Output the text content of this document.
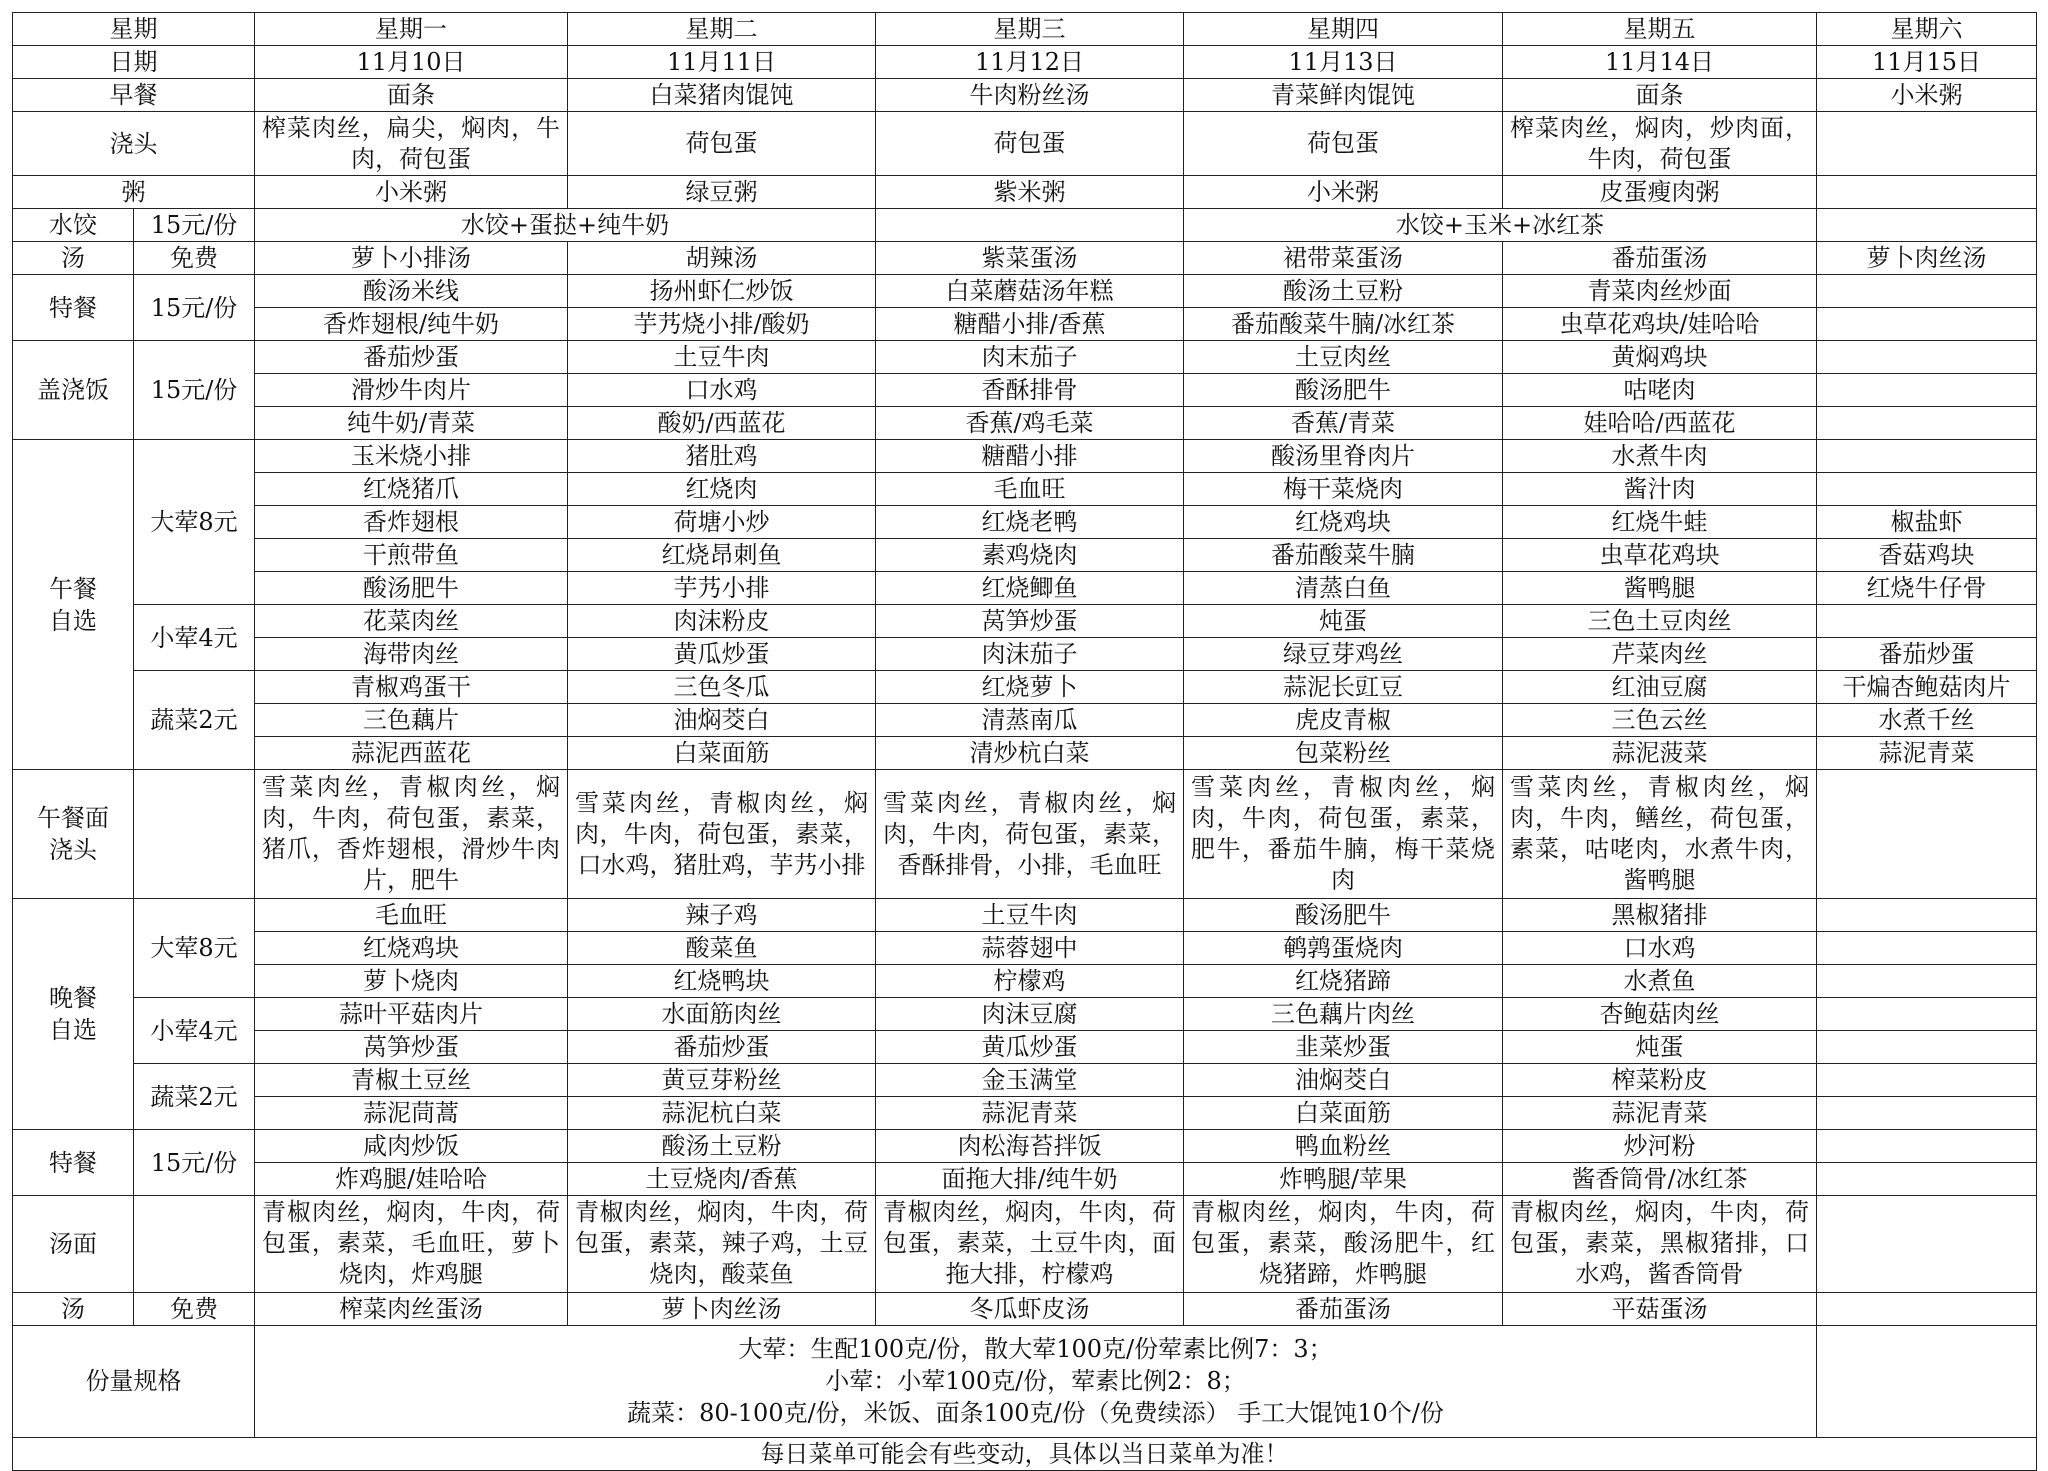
星期		星期一	星期二	星期三	星期四	星期五	星期六
日期		11月10日	11月11日	11月12日	11月13日	11月14日	11月15日
早餐		面条	白菜猪肉馄饨	牛肉粉丝汤	青菜鲜肉馄饨	面条	小米粥
浇头		榨菜肉丝，扁尖，焖肉，牛肉，荷包蛋	荷包蛋	荷包蛋	荷包蛋	榨菜肉丝，焖肉，炒肉面，牛肉，荷包蛋	
粥		小米粥	绿豆粥	紫米粥	小米粥	皮蛋瘦肉粥	
水饺	15元/份	水饺+蛋挞+纯牛奶			水饺+玉米+冰红茶		
汤	免费	萝卜小排汤	胡辣汤	紫菜蛋汤	裙带菜蛋汤	番茄蛋汤	萝卜肉丝汤
特餐	15元/份	酸汤米线	扬州虾仁炒饭	白菜蘑菇汤年糕	酸汤土豆粉	青菜肉丝炒面	
		香炸翅根/纯牛奶	芋艿烧小排/酸奶	糖醋小排/香蕉	番茄酸菜牛腩/冰红茶	虫草花鸡块/娃哈哈	
盖浇饭	15元/份	番茄炒蛋	土豆牛肉	肉末茄子	土豆肉丝	黄焖鸡块	
		滑炒牛肉片	口水鸡	香酥排骨	酸汤肥牛	咕咾肉	
		纯牛奶/青菜	酸奶/西蓝花	香蕉/鸡毛菜	香蕉/青菜	娃哈哈/西蓝花	
午餐
自选	大荤8元	玉米烧小排	猪肚鸡	糖醋小排	酸汤里脊肉片	水煮牛肉	
		红烧猪爪	红烧肉	毛血旺	梅干菜烧肉	酱汁肉	
		香炸翅根	荷塘小炒	红烧老鸭	红烧鸡块	红烧牛蛙	椒盐虾
		干煎带鱼	红烧昂刺鱼	素鸡烧肉	番茄酸菜牛腩	虫草花鸡块	香菇鸡块
		酸汤肥牛	芋艿小排	红烧鲫鱼	清蒸白鱼	酱鸭腿	红烧牛仔骨
	小荤4元	花菜肉丝	肉沫粉皮	莴笋炒蛋	炖蛋	三色土豆肉丝	
		海带肉丝	黄瓜炒蛋	肉沫茄子	绿豆芽鸡丝	芹菜肉丝	番茄炒蛋
	蔬菜2元	青椒鸡蛋干	三色冬瓜	红烧萝卜	蒜泥长豇豆	红油豆腐	干煸杏鲍菇肉片
		三色藕片	油焖茭白	清蒸南瓜	虎皮青椒	三色云丝	水煮千丝
		蒜泥西蓝花	白菜面筋	清炒杭白菜	包菜粉丝	蒜泥菠菜	蒜泥青菜
午餐面
浇头		雪菜肉丝，青椒肉丝，焖肉，牛肉，荷包蛋，素菜，猪爪，香炸翅根，滑炒牛肉片，肥牛	雪菜肉丝，青椒肉丝，焖肉，牛肉，荷包蛋，素菜，口水鸡，猪肚鸡，芋艿小排	雪菜肉丝，青椒肉丝，焖肉，牛肉，荷包蛋，素菜，香酥排骨，小排，毛血旺	雪菜肉丝，青椒肉丝，焖肉，牛肉，荷包蛋，素菜，肥牛，番茄牛腩，梅干菜烧肉	雪菜肉丝，青椒肉丝，焖肉，牛肉，鳝丝，荷包蛋，素菜，咕咾肉，水煮牛肉，酱鸭腿	
晚餐
自选	大荤8元	毛血旺	辣子鸡	土豆牛肉	酸汤肥牛	黑椒猪排	
		红烧鸡块	酸菜鱼	蒜蓉翅中	鹌鹑蛋烧肉	口水鸡	
		萝卜烧肉	红烧鸭块	柠檬鸡	红烧猪蹄	水煮鱼	
	小荤4元	蒜叶平菇肉片	水面筋肉丝	肉沫豆腐	三色藕片肉丝	杏鲍菇肉丝	
		莴笋炒蛋	番茄炒蛋	黄瓜炒蛋	韭菜炒蛋	炖蛋	
	蔬菜2元	青椒土豆丝	黄豆芽粉丝	金玉满堂	油焖茭白	榨菜粉皮	
		蒜泥茼蒿	蒜泥杭白菜	蒜泥青菜	白菜面筋	蒜泥青菜	
特餐	15元/份	咸肉炒饭	酸汤土豆粉	肉松海苔拌饭	鸭血粉丝	炒河粉	
		炸鸡腿/娃哈哈	土豆烧肉/香蕉	面拖大排/纯牛奶	炸鸭腿/苹果	酱香筒骨/冰红茶	
汤面		青椒肉丝，焖肉，牛肉，荷包蛋，素菜，毛血旺，萝卜烧肉，炸鸡腿	青椒肉丝，焖肉，牛肉，荷包蛋，素菜，辣子鸡，土豆烧肉，酸菜鱼	青椒肉丝，焖肉，牛肉，荷包蛋，素菜，土豆牛肉，面拖大排，柠檬鸡	青椒肉丝，焖肉，牛肉，荷包蛋，素菜，酸汤肥牛，红烧猪蹄，炸鸭腿	青椒肉丝，焖肉，牛肉，荷包蛋，素菜，黑椒猪排，口水鸡，酱香筒骨	
汤	免费	榨菜肉丝蛋汤	萝卜肉丝汤	冬瓜虾皮汤	番茄蛋汤	平菇蛋汤	
份量规格		大荤：生配100克/份，散大荤100克/份荤素比例7：3；
小荤：小荤100克/份，荤素比例2：8；
蔬菜：80-100克/份，米饭、面条100克/份（免费续添） 手工大馄饨10个/份					

每日菜单可能会有些变动，具体以当日菜单为准！							
